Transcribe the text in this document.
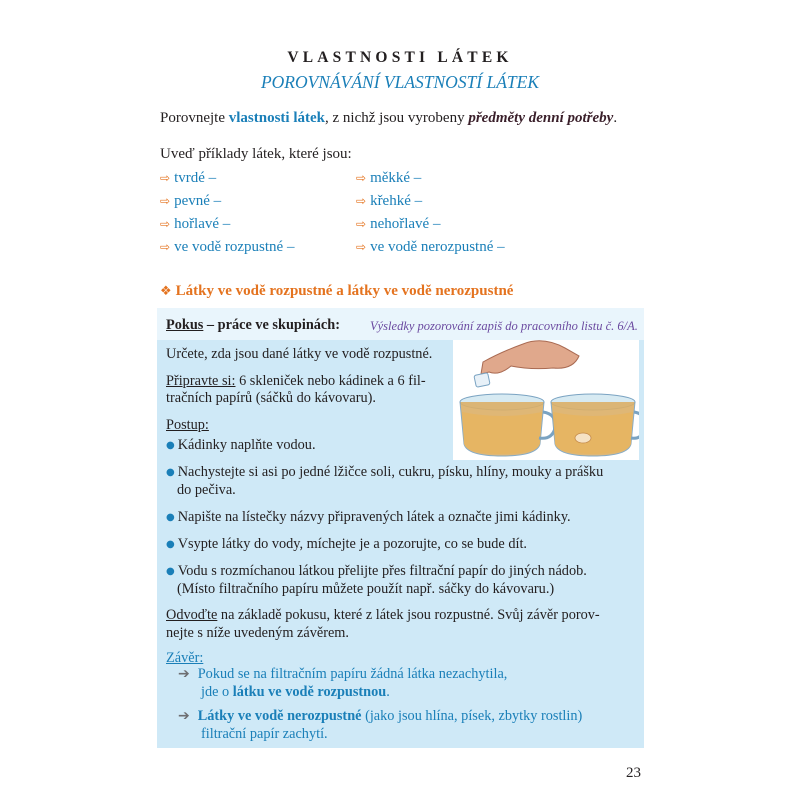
VLASTNOSTI LÁTEK
POROVNÁVÁNÍ VLASTNOSTÍ LÁTEK
Porovnejte vlastnosti látek, z nichž jsou vyrobeny předměty denní potřeby.
Uveď příklady látek, které jsou:
⇨ tvrdé –
⇨ pevné –
⇨ hořlavé –
⇨ ve vodě rozpustné –
⇨ měkké –
⇨ křehké –
⇨ nehořlavé –
⇨ ve vodě nerozpustné –
❖ Látky ve vodě rozpustné a látky ve vodě nerozpustné
Pokus – práce ve skupinách: Výsledky pozorování zapiš do pracovního listu č. 6/A.
Určete, zda jsou dané látky ve vodě rozpustné.
Připravte si: 6 skleniček nebo kádinek a 6 fil-
tračních papírů (sáčků do kávovaru).
Postup:
● Kádinky naplňte vodou.
● Nachystejte si asi po jedné lžičce soli, cukru, písku, hlíny, mouky a prášku
do pečiva.
● Napište na lístečky názvy připravených látek a označte jimi kádinky.
● Vsypte látky do vody, míchejte je a pozorujte, co se bude dít.
● Vodu s rozmíchanou látkou přelijte přes filtrační papír do jiných nádob.
(Místo filtračního papíru můžete použít např. sáčky do kávovaru.)
Odvoďte na základě pokusu, které z látek jsou rozpustné. Svůj závěr porov-
nejte s níže uvedeným závěrem.
Závěr:
➔ Pokud se na filtračním papíru žádná látka nezachytila,
jde o látku ve vodě rozpustnou.
➔ Látky ve vodě nerozpustné (jako jsou hlína, písek, zbytky rostlin)
filtrační papír zachytí.
23
